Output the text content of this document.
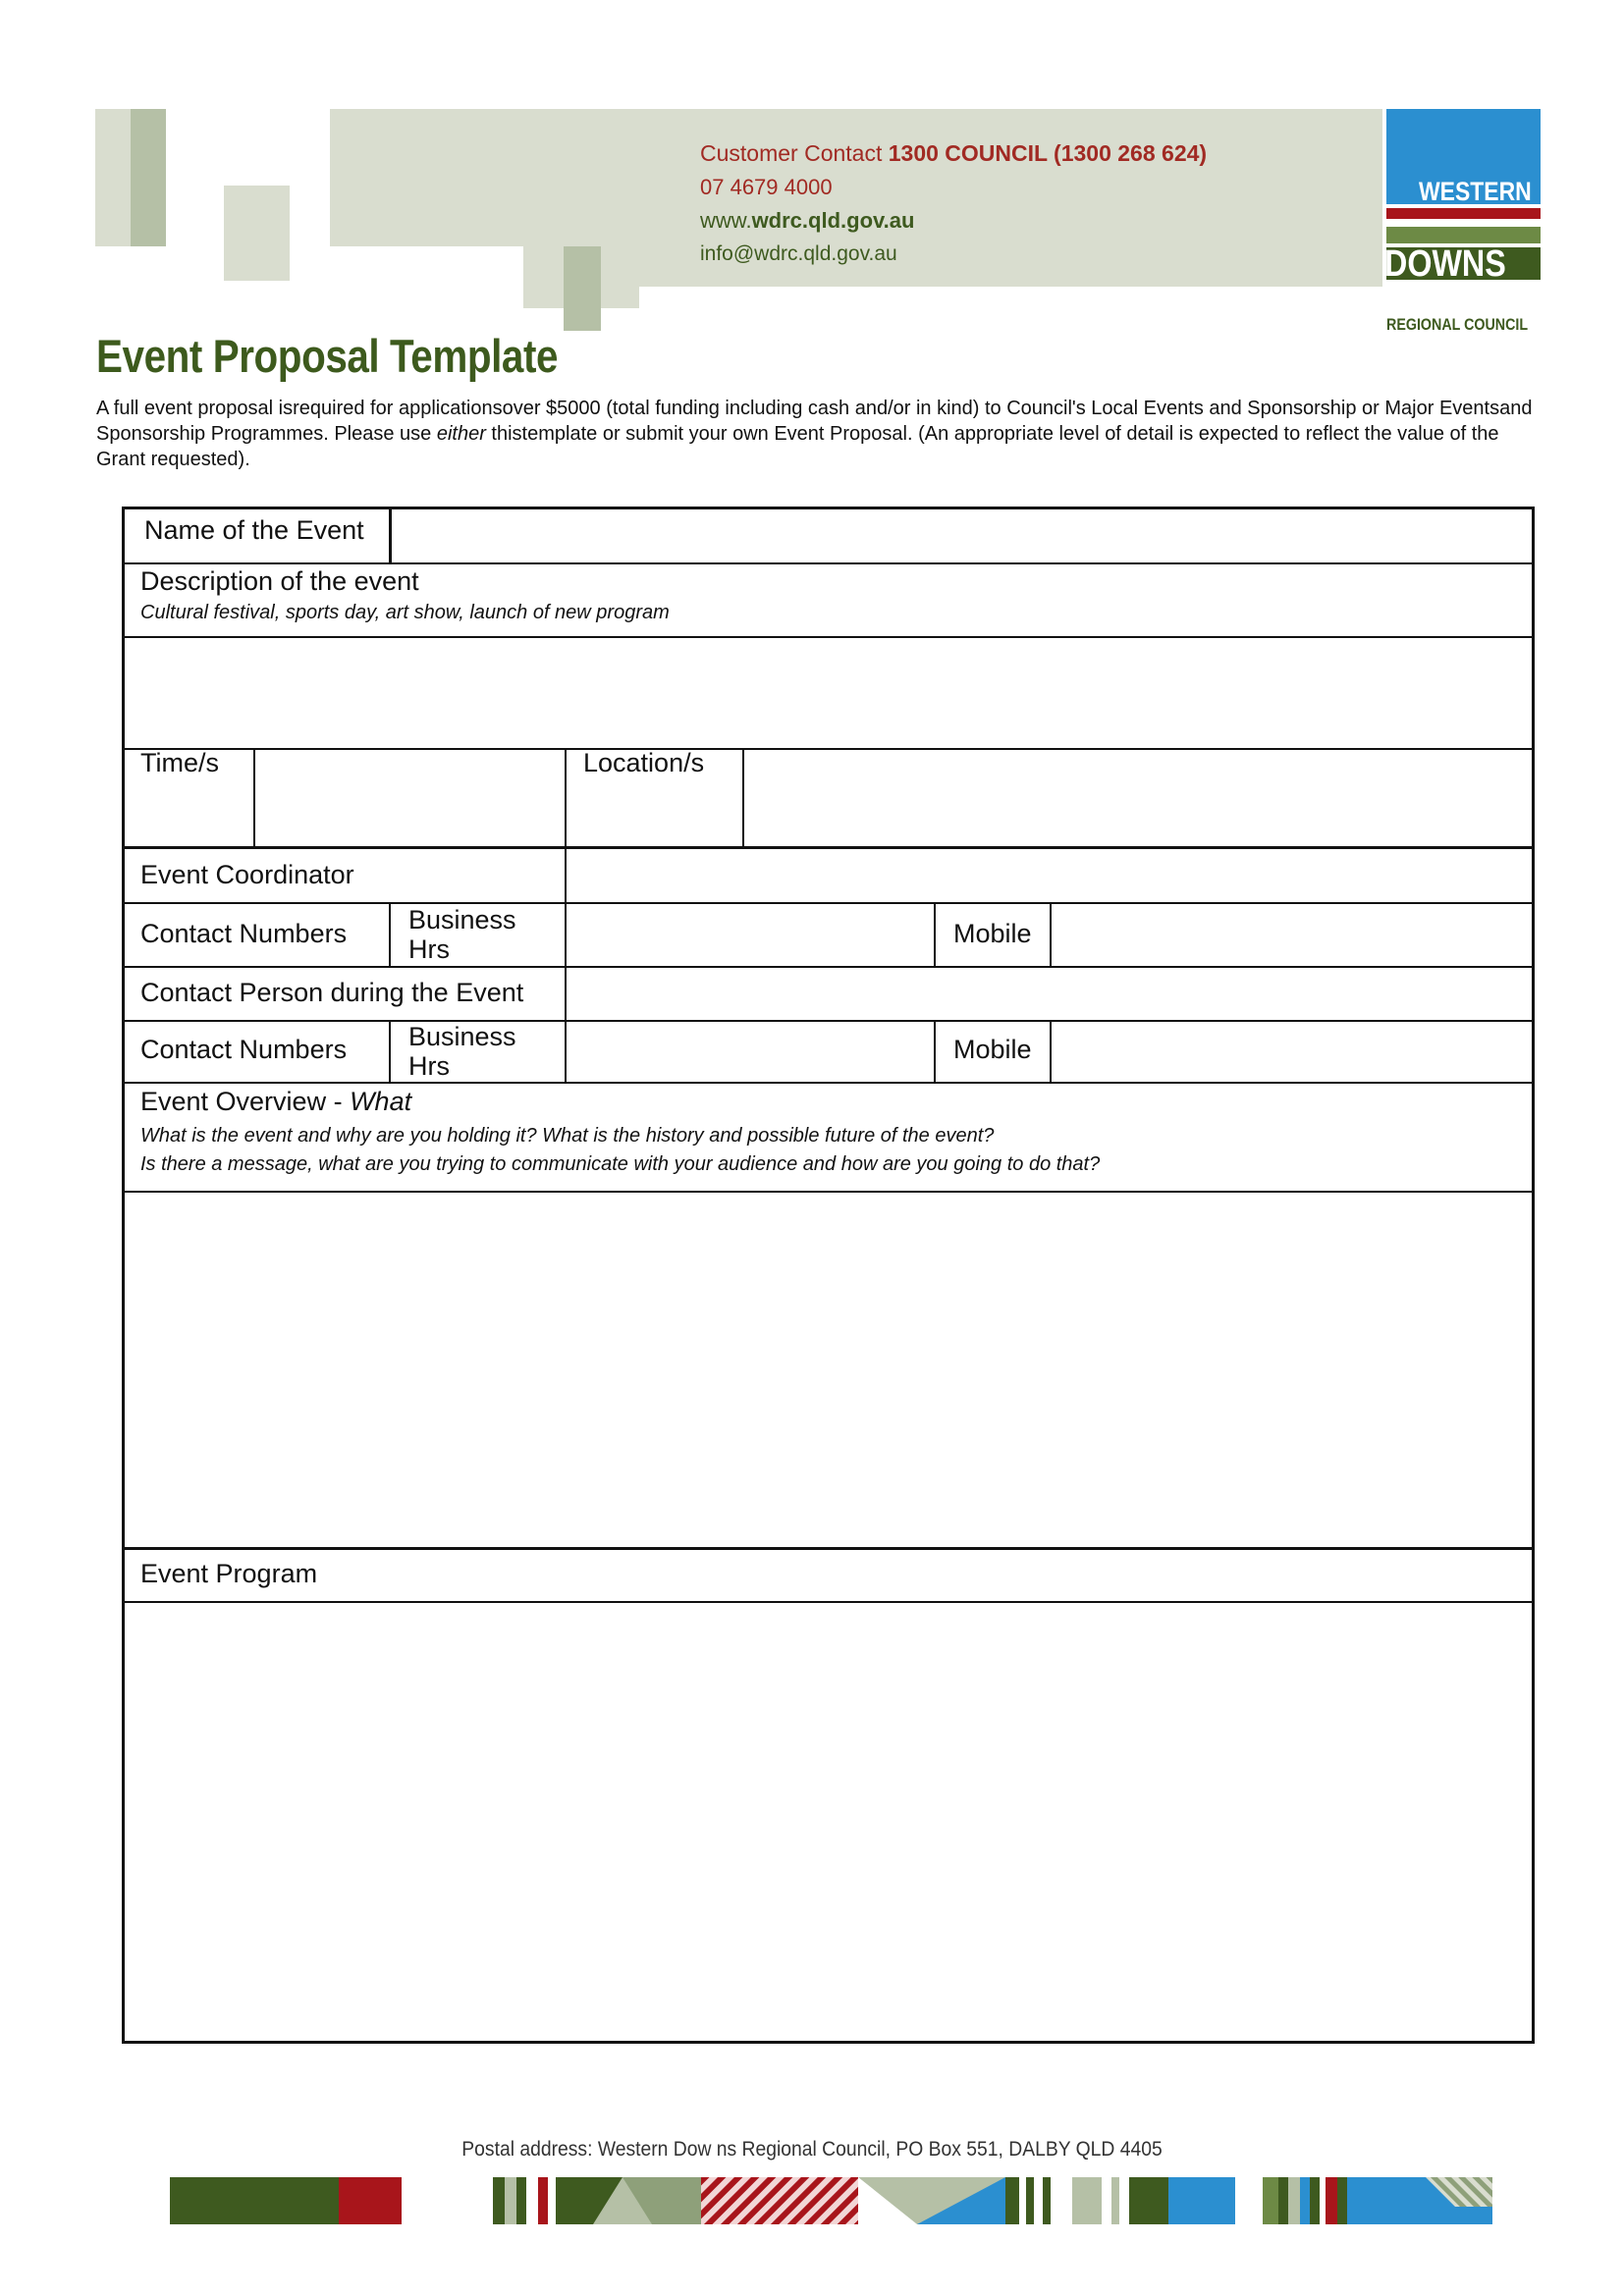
Customer Contact 1300 COUNCIL (1300 268 624)
07 4679 4000
www.wdrc.qld.gov.au
info@wdrc.qld.gov.au
WESTERN
DOWNS
REGIONAL COUNCIL
Event Proposal Template

A full event proposal isrequired for applicationsover $5000 (total funding including cash and/or in kind) to Council's Local Events and Sponsorship or Major Eventsand Sponsorship Programmes. Please use either thistemplate or submit your own Event Proposal. (An appropriate level of detail is expected to reflect the value of the Grant requested).

Name of the Event
Description of the event
Cultural festival, sports day, art show, launch of new program
Time/s	Location/s
Event Coordinator
Contact Numbers Business
Hrs
Mobile
Contact Person during the Event
Contact Numbers Business
Hrs
Mobile
Event Overview - What
What is the event and why are you holding it? What is the history and possible future of the event?
Is there a message, what are you trying to communicate with your audience and how are you going to do that?
Event Program
Postal address: Western Dow ns Regional Council, PO Box 551, DALBY QLD 4405
